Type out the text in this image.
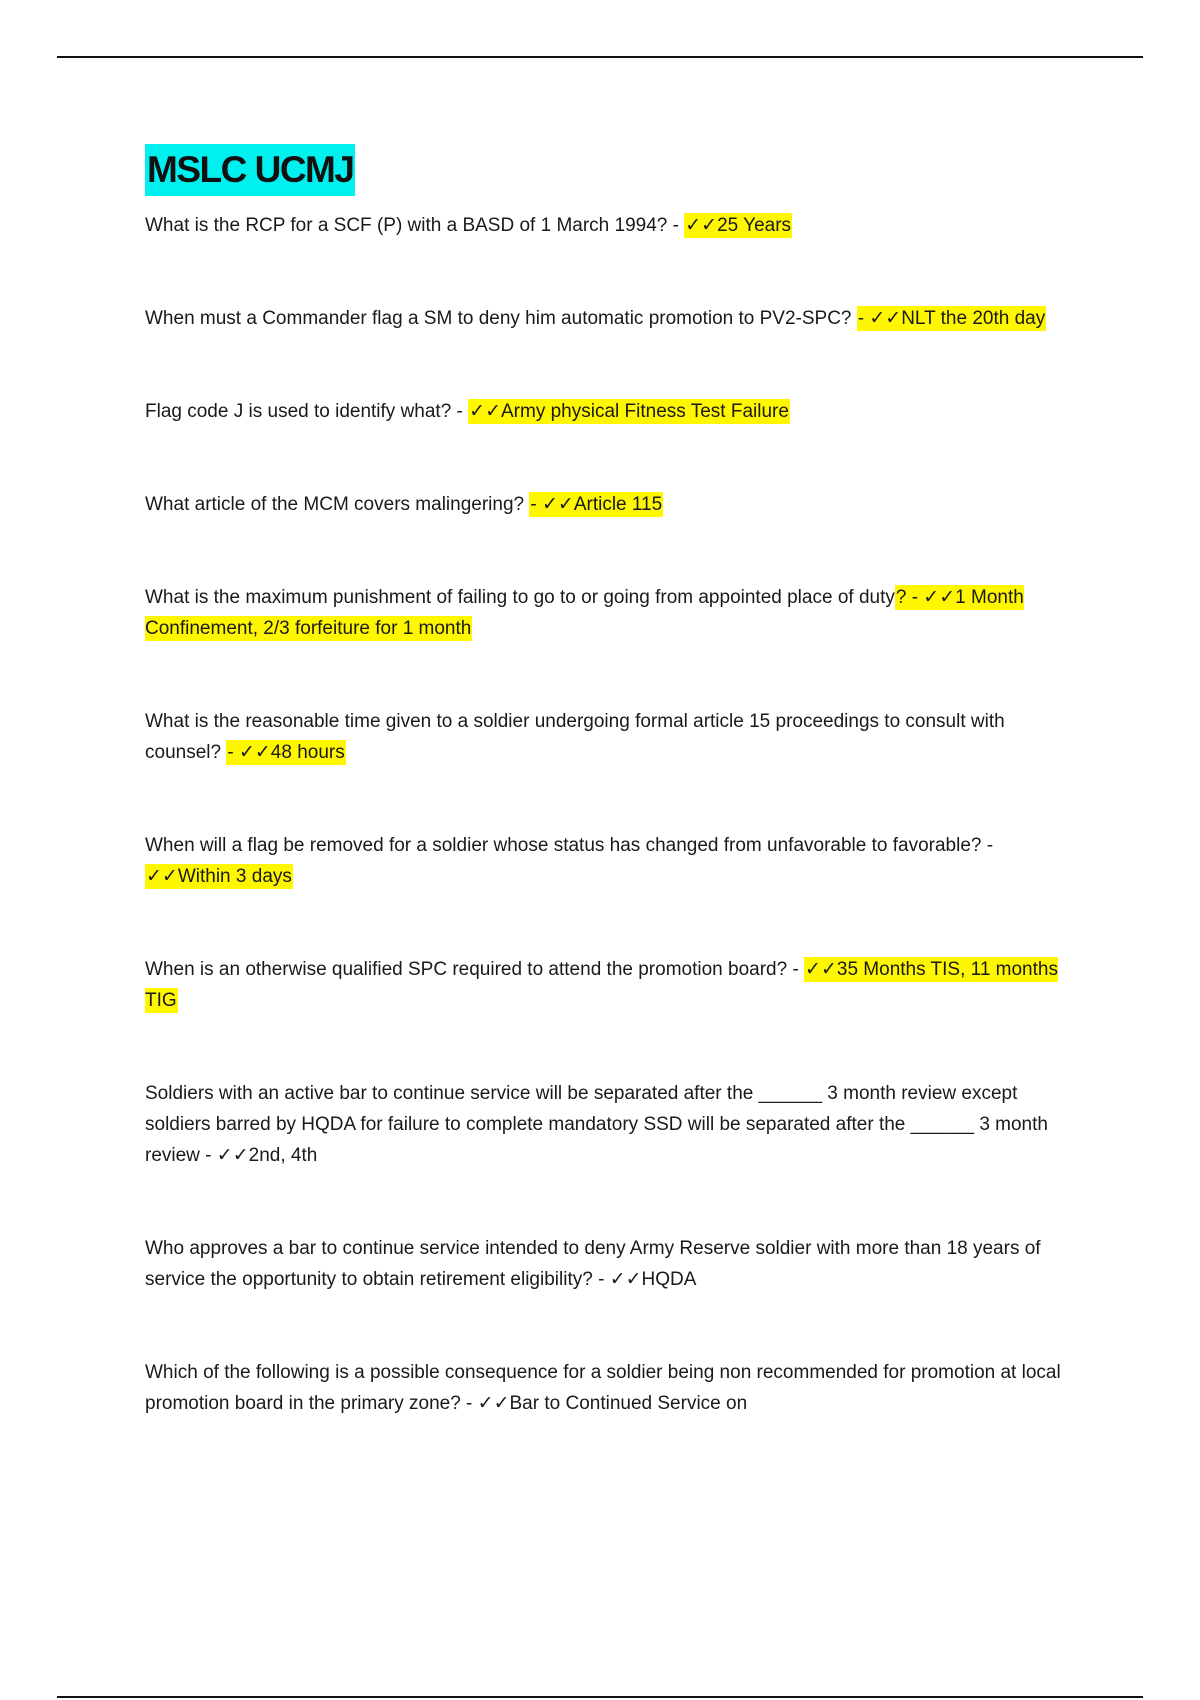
MSLC UCMJ

What is the RCP for a SCF (P) with a BASD of 1 March 1994? - ✓✓25 Years

When must a Commander flag a SM to deny him automatic promotion to PV2-SPC? - ✓✓NLT the 20th day

Flag code J is used to identify what? - ✓✓Army physical Fitness Test Failure

What article of the MCM covers malingering? - ✓✓Article 115

What is the maximum punishment of failing to go to or going from appointed place of duty? - ✓✓1 Month Confinement, 2/3 forfeiture for 1 month

What is the reasonable time given to a soldier undergoing formal article 15 proceedings to consult with counsel? - ✓✓48 hours

When will a flag be removed for a soldier whose status has changed from unfavorable to favorable? - ✓✓Within 3 days

When is an otherwise qualified SPC required to attend the promotion board? - ✓✓35 Months TIS, 11 months TIG

Soldiers with an active bar to continue service will be separated after the ______ 3 month review except soldiers barred by HQDA for failure to complete mandatory SSD will be separated after the ______ 3 month review - ✓✓2nd, 4th

Who approves a bar to continue service intended to deny Army Reserve soldier with more than 18 years of service the opportunity to obtain retirement eligibility? - ✓✓HQDA

Which of the following is a possible consequence for a soldier being non recommended for promotion at local promotion board in the primary zone? - ✓✓Bar to Continued Service on
